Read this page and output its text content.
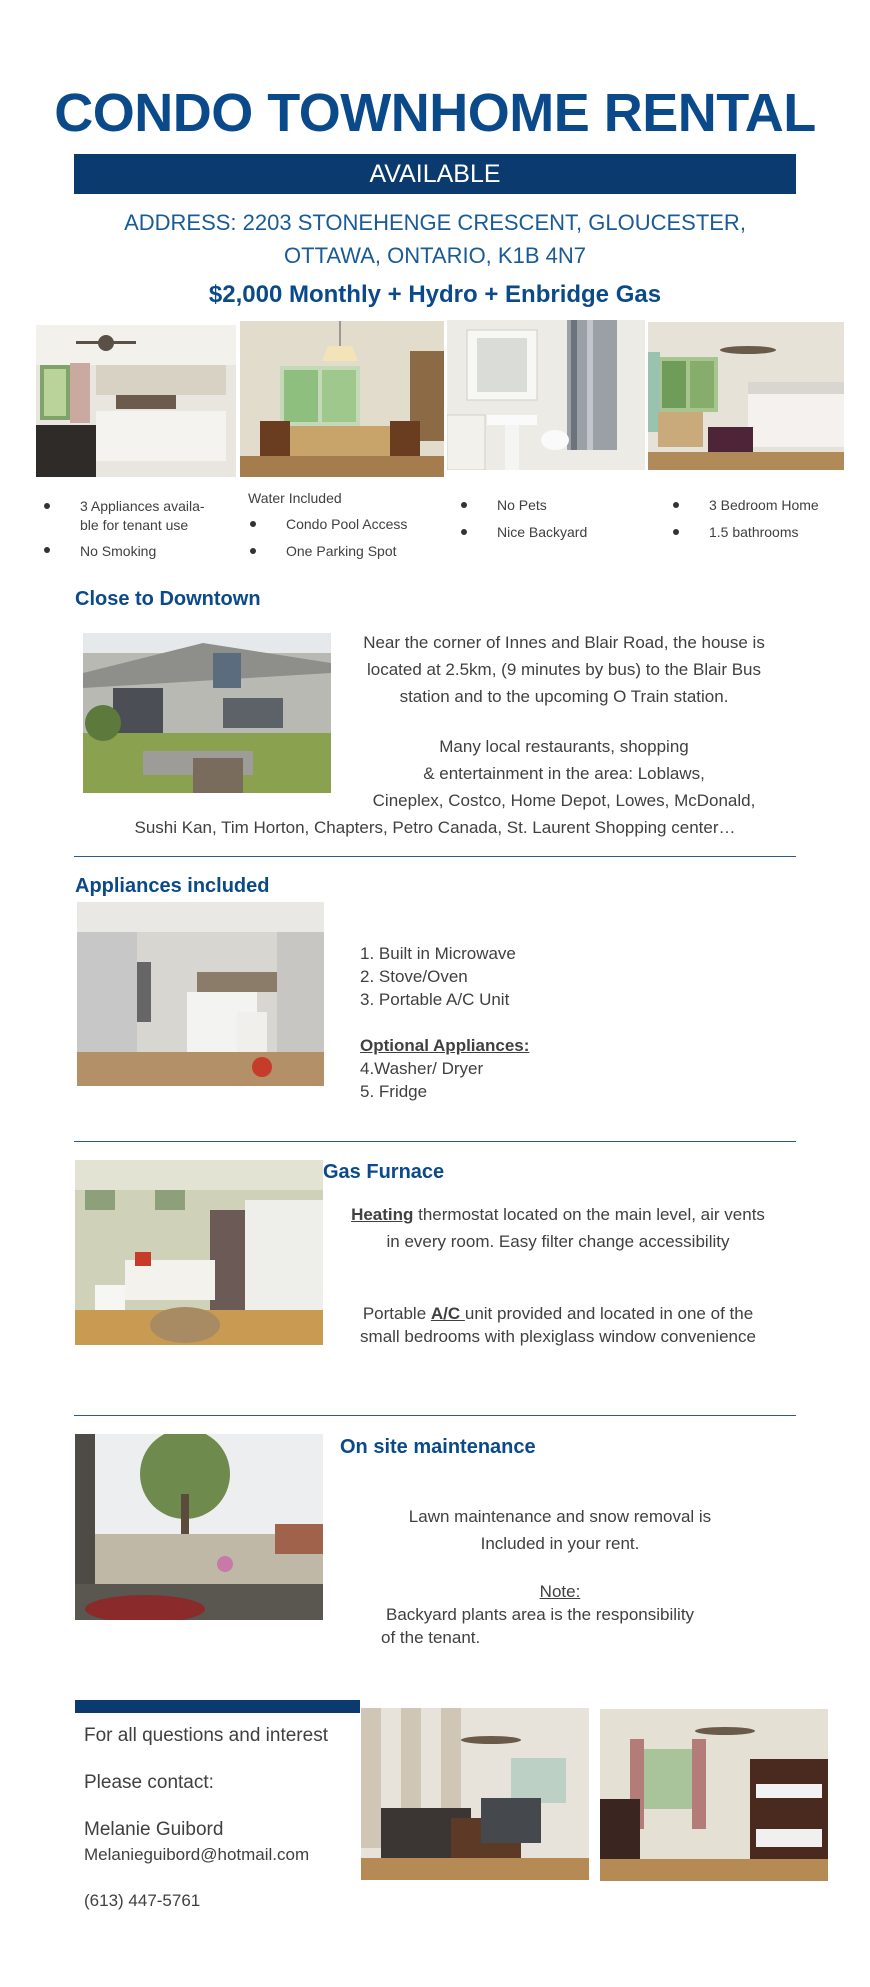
CONDO TOWNHOME RENTAL
AVAILABLE
ADDRESS: 2203 STONEHENGE CRESCENT, GLOUCESTER,
OTTAWA, ONTARIO, K1B 4N7
$2,000 Monthly + Hydro + Enbridge Gas
3 Appliances availa-
ble for tenant use
No Smoking
Water Included
Condo Pool Access
One Parking Spot
No Pets
Nice Backyard
3 Bedroom Home
1.5 bathrooms
Close to Downtown
Near the corner of Innes and Blair Road, the house is
located at 2.5km, (9 minutes by bus) to the Blair Bus
station and to the upcoming O Train station.
Many local restaurants, shopping
& entertainment in the area: Loblaws,
Cineplex, Costco, Home Depot, Lowes, McDonald,
Sushi Kan, Tim Horton, Chapters, Petro Canada, St. Laurent Shopping center…
Appliances included
1. Built in Microwave
2. Stove/Oven
3. Portable A/C Unit
Optional Appliances:
4.Washer/ Dryer
5. Fridge
Gas Furnace
Heating thermostat located on the main level, air vents
in every room. Easy filter change accessibility
Portable A/C unit provided and located in one of the
small bedrooms with plexiglass window convenience
On site maintenance
Lawn maintenance and snow removal is
Included in your rent.
Note:
Backyard plants area is the responsibility
of the tenant.
For all questions and interest
Please contact:
Melanie Guibord
Melanieguibord@hotmail.com
(613) 447-5761
